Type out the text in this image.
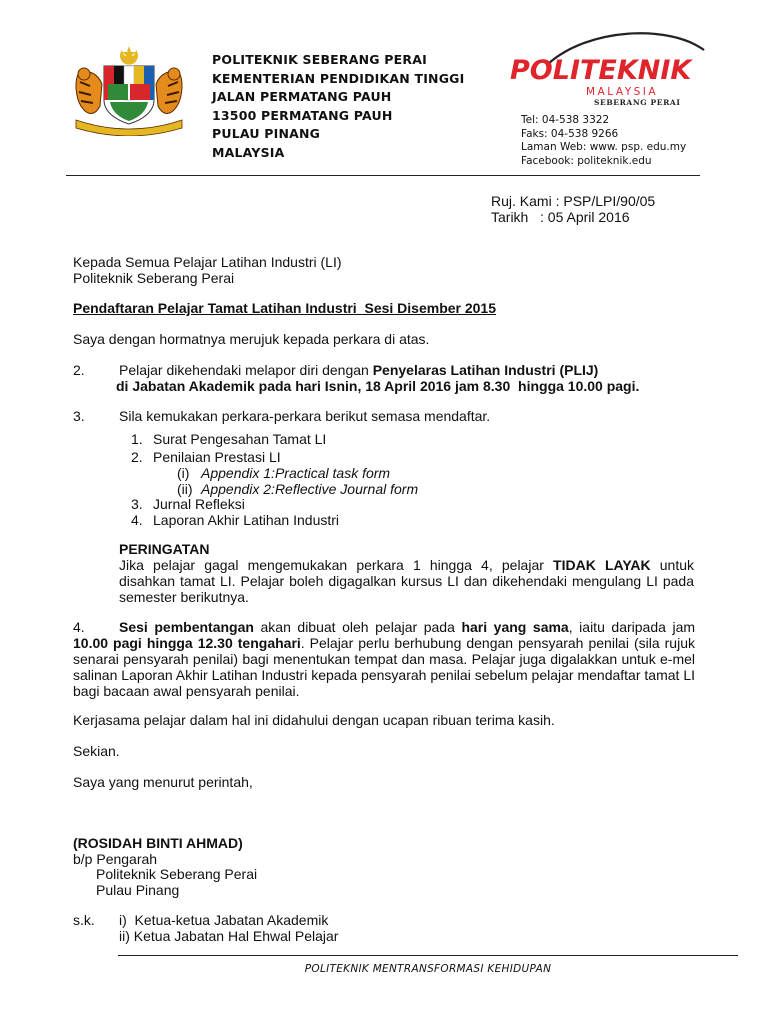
POLITEKNIK SEBERANG PERAI
KEMENTERIAN PENDIDIKAN TINGGI
JALAN PERMATANG PAUH
13500 PERMATANG PAUH
PULAU PINANG
MALAYSIA
POLITEKNIK
MALAYSIA
SEBERANG PERAI
Tel: 04-538 3322
Faks: 04-538 9266
Laman Web: www. psp. edu.my
Facebook: politeknik.edu
Ruj. Kami : PSP/LPI/90/05
Tarikh   : 05 April 2016
Kepada Semua Pelajar Latihan Industri (LI)
Politeknik Seberang Perai
Pendaftaran Pelajar Tamat Latihan Industri  Sesi Disember 2015
Saya dengan hormatnya merujuk kepada perkara di atas.
2. Pelajar dikehendaki melapor diri dengan Penyelaras Latihan Industri (PLIJ)
di Jabatan Akademik pada hari Isnin, 18 April 2016 jam 8.30  hingga 10.00 pagi.
3. Sila kemukakan perkara-perkara berikut semasa mendaftar.
1. Surat Pengesahan Tamat LI
2. Penilaian Prestasi LI
(i) Appendix 1:Practical task form
(ii) Appendix 2:Reflective Journal form
3. Jurnal Refleksi
4. Laporan Akhir Latihan Industri
PERINGATAN
Jika pelajar gagal mengemukakan perkara 1 hingga 4, pelajar TIDAK LAYAK untuk disahkan tamat LI. Pelajar boleh digagalkan kursus LI dan dikehendaki mengulang LI pada semester berikutnya.
4.	Sesi pembentangan akan dibuat oleh pelajar pada hari yang sama, iaitu daripada jam 10.00 pagi hingga 12.30 tengahari. Pelajar perlu berhubung dengan pensyarah penilai (sila rujuk senarai pensyarah penilai) bagi menentukan tempat dan masa. Pelajar juga digalakkan untuk e-mel salinan Laporan Akhir Latihan Industri kepada pensyarah penilai sebelum pelajar mendaftar tamat LI bagi bacaan awal pensyarah penilai.
Kerjasama pelajar dalam hal ini didahului dengan ucapan ribuan terima kasih.
Sekian.
Saya yang menurut perintah,
(ROSIDAH BINTI AHMAD)
b/p Pengarah
Politeknik Seberang Perai
Pulau Pinang
s.k. i)  Ketua-ketua Jabatan Akademik
ii) Ketua Jabatan Hal Ehwal Pelajar
POLITEKNIK MENTRANSFORMASI KEHIDUPAN
